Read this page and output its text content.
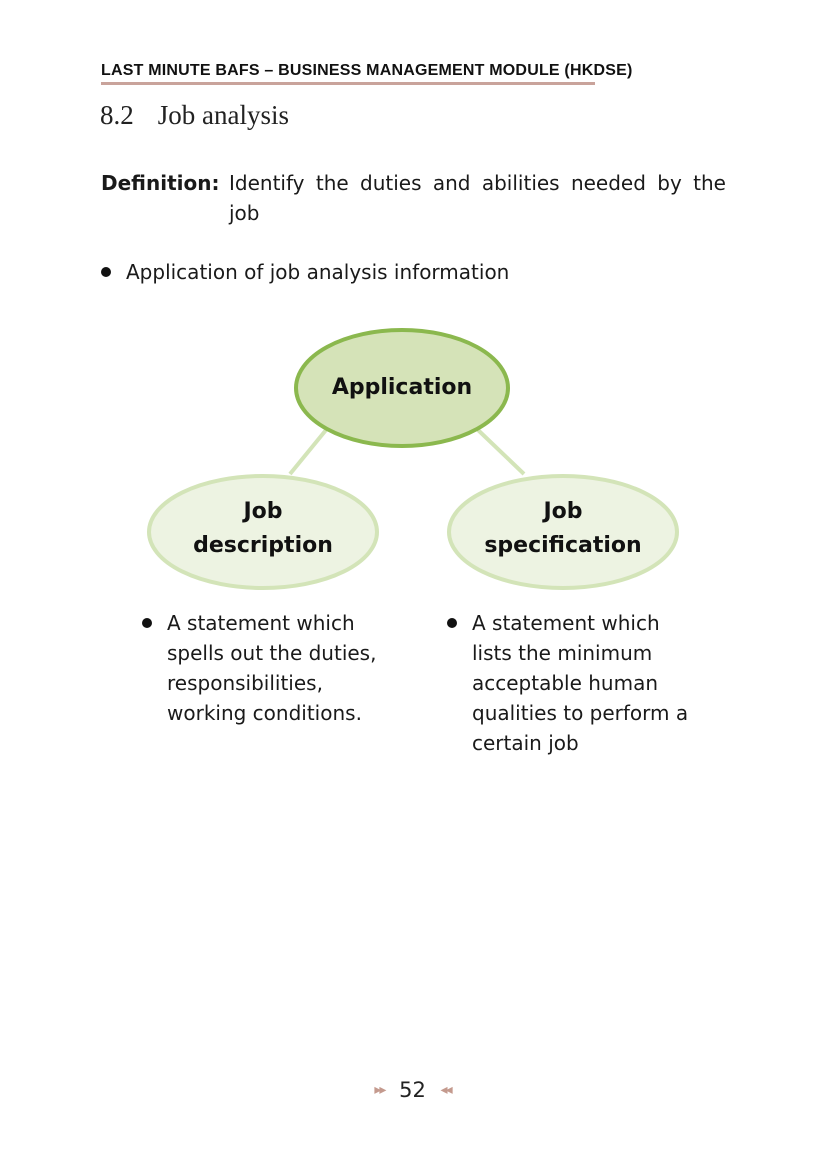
LAST MINUTE BAFS – BUSINESS MANAGEMENT MODULE (HKDSE)
8.2 Job analysis
Definition: Identify the duties and abilities needed by the job
Application of job analysis information
Application
Job
description
Job
specification
A statement which
spells out the duties,
responsibilities,
working conditions.
A statement which
lists the minimum
acceptable human
qualities to perform a
certain job
▸▸ 52 ◂◂
